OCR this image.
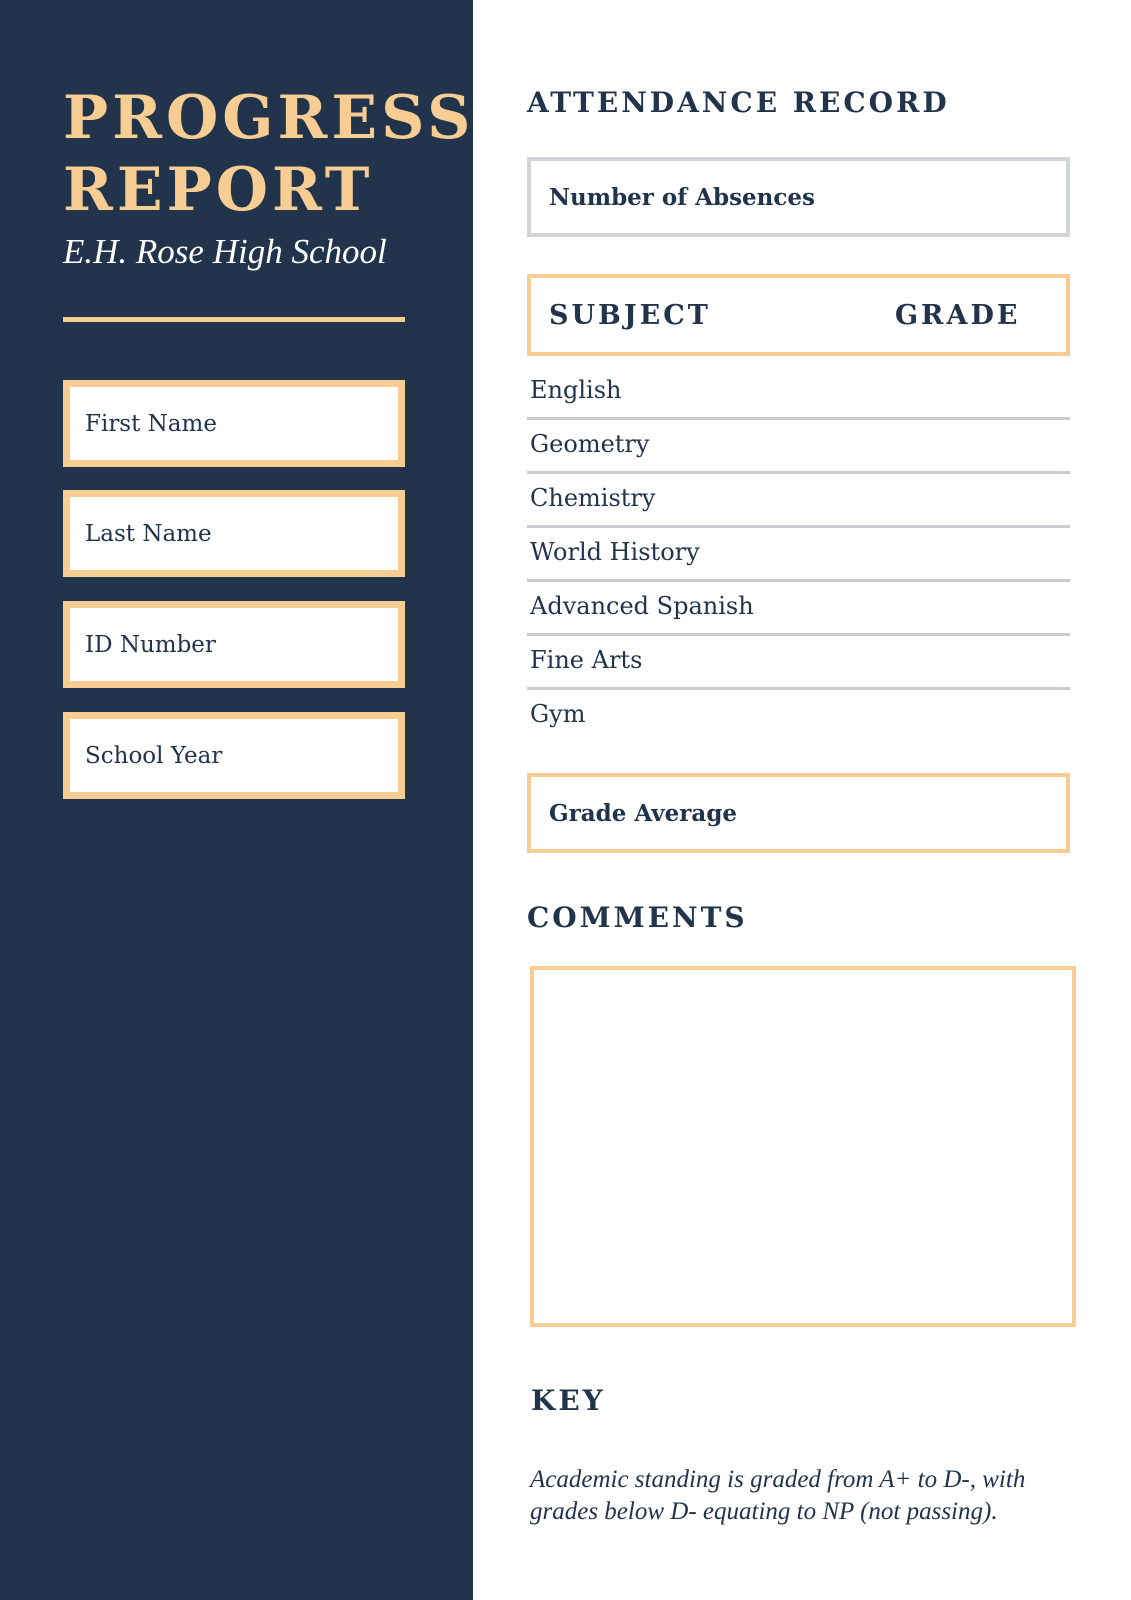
PROGRESS
REPORT
E.H. Rose High School
First Name
Last Name
ID Number
School Year
ATTENDANCE RECORD
Number of Absences
SUBJECT	GRADE
English
Geometry
Chemistry
World History
Advanced Spanish
Fine Arts
Gym
Grade Average
COMMENTS
KEY
Academic standing is graded from A+ to D-, with grades below D- equating to NP (not passing).
